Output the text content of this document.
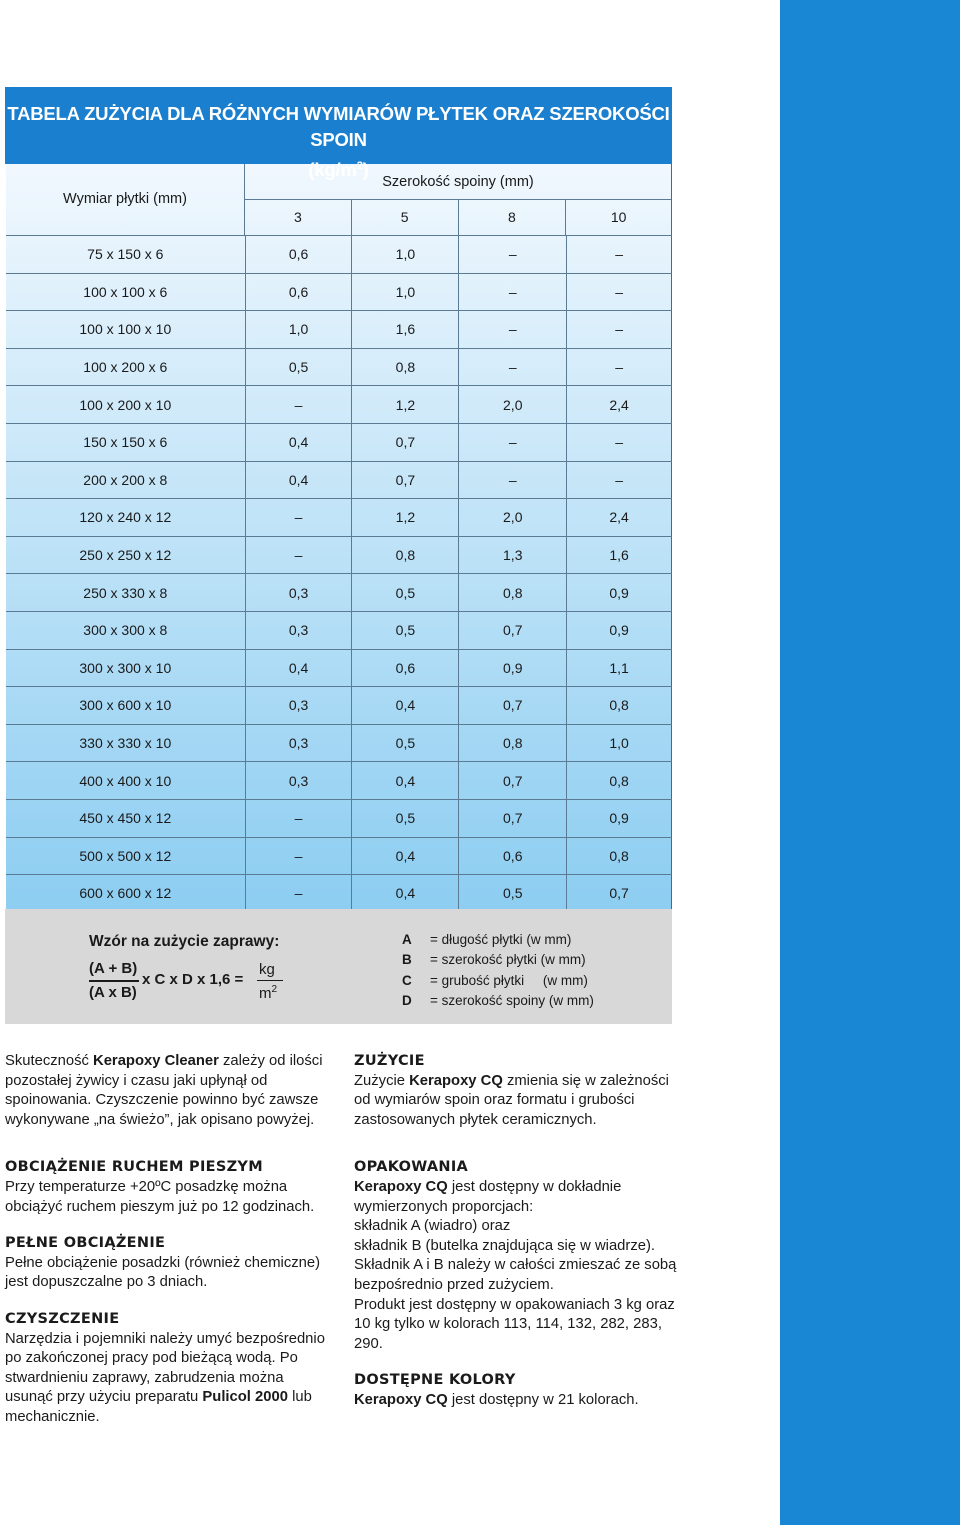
TABELA ZUŻYCIA DLA RÓŻNYCH WYMIARÓW PŁYTEK ORAZ SZEROKOŚCI SPOIN
$(kg/m^2)$
Wymiar płytki (mm)
Szerokość spoiny (mm)
3	5	8	10
75 x 150 x 6	0,6	1,0	–	–
100 x 100 x 6	0,6	1,0	–	–
100 x 100 x 10	1,0	1,6	–	–
100 x 200 x 6	0,5	0,8	–	–
100 x 200 x 10	–	1,2	2,0	2,4
150 x 150 x 6	0,4	0,7	–	–
200 x 200 x 8	0,4	0,7	–	–
120 x 240 x 12	–	1,2	2,0	2,4
250 x 250 x 12	–	0,8	1,3	1,6
250 x 330 x 8	0,3	0,5	0,8	0,9
300 x 300 x 8	0,3	0,5	0,7	0,9
300 x 300 x 10	0,4	0,6	0,9	1,1
300 x 600 x 10	0,3	0,4	0,7	0,8
330 x 330 x 10	0,3	0,5	0,8	1,0
400 x 400 x 10	0,3	0,4	0,7	0,8
450 x 450 x 12	–	0,5	0,7	0,9
500 x 500 x 12	–	0,4	0,6	0,8
600 x 600 x 12	–	0,4	0,5	0,7
Wzór na zużycie zaprawy:
(A + B)
(A x B)
x C x D x 1,6 =
kg
$m^2$
A	= długość płytki (w mm)
B	= szerokość płytki (w mm)
C	= grubość płytki     (w mm)
D	= szerokość spoiny (w mm)

Skuteczność Kerapoxy Cleaner zależy od ilości pozostałej żywicy i czasu jaki upłynął od spoinowania. Czyszczenie powinno być zawsze wykonywane „na świeżo”, jak opisano powyżej.

OBCIĄŻENIE RUCHEM PIESZYM

Przy temperaturze +20ºC posadzkę można obciążyć ruchem pieszym już po 12 godzinach.

PEŁNE OBCIĄŻENIE

Pełne obciążenie posadzki (również chemiczne) jest dopuszczalne po 3 dniach.

CZYSZCZENIE

Narzędzia i pojemniki należy umyć bezpośrednio po zakończonej pracy pod bieżącą wodą. Po stwardnieniu zaprawy, zabrudzenia można usunąć przy użyciu preparatu Pulicol 2000 lub mechanicznie.

ZUŻYCIE

Zużycie Kerapoxy CQ zmienia się w zależności od wymiarów spoin oraz formatu i grubości zastosowanych płytek ceramicznych.

OPAKOWANIA

Kerapoxy CQ jest dostępny w dokładnie wymierzonych proporcjach:

składnik A (wiadro) oraz

składnik B (butelka znajdująca się w wiadrze).

Składnik A i B należy w całości zmieszać ze sobą bezpośrednio przed zużyciem.

Produkt jest dostępny w opakowaniach 3 kg oraz 10 kg tylko w kolorach 113, 114, 132, 282, 283, 290.

DOSTĘPNE KOLORY

Kerapoxy CQ jest dostępny w 21 kolorach.
